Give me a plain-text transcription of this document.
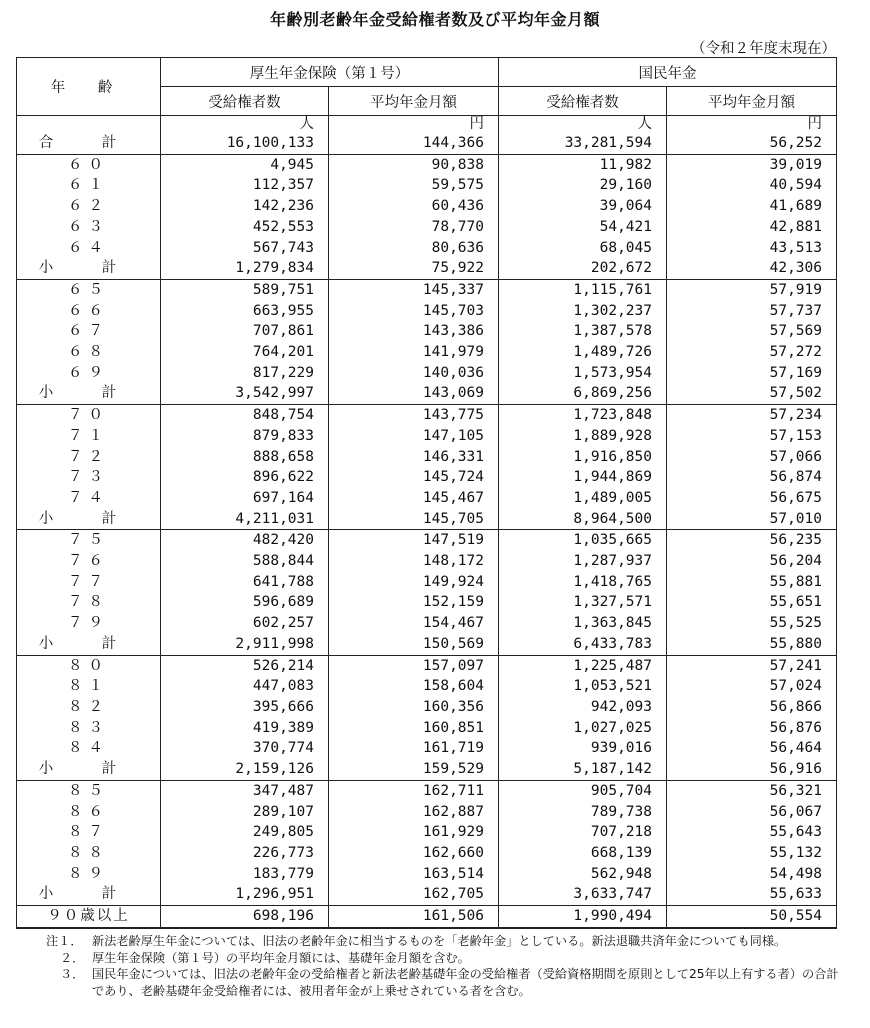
年齢別老齢年金受給権者数及び平均年金月額
（令和２年度末現在）
年 齢	厚生年金保険（第１号）		国民年金	
	受給権者数	平均年金月額	受給権者数	平均年金月額
	人	円	人	円
合 計	16,100,133	144,366	33,281,594	56,252
６０	4,945	90,838	11,982	39,019
６１	112,357	59,575	29,160	40,594
６２	142,236	60,436	39,064	41,689
６３	452,553	78,770	54,421	42,881
６４	567,743	80,636	68,045	43,513
小 計	1,279,834	75,922	202,672	42,306
６５	589,751	145,337	1,115,761	57,919
６６	663,955	145,703	1,302,237	57,737
６７	707,861	143,386	1,387,578	57,569
６８	764,201	141,979	1,489,726	57,272
６９	817,229	140,036	1,573,954	57,169
小 計	3,542,997	143,069	6,869,256	57,502
７０	848,754	143,775	1,723,848	57,234
７１	879,833	147,105	1,889,928	57,153
７２	888,658	146,331	1,916,850	57,066
７３	896,622	145,724	1,944,869	56,874
７４	697,164	145,467	1,489,005	56,675
小 計	4,211,031	145,705	8,964,500	57,010
７５	482,420	147,519	1,035,665	56,235
７６	588,844	148,172	1,287,937	56,204
７７	641,788	149,924	1,418,765	55,881
７８	596,689	152,159	1,327,571	55,651
７９	602,257	154,467	1,363,845	55,525
小 計	2,911,998	150,569	6,433,783	55,880
８０	526,214	157,097	1,225,487	57,241
８１	447,083	158,604	1,053,521	57,024
８２	395,666	160,356	942,093	56,866
８３	419,389	160,851	1,027,025	56,876
８４	370,774	161,719	939,016	56,464
小 計	2,159,126	159,529	5,187,142	56,916
８５	347,487	162,711	905,704	56,321
８６	289,107	162,887	789,738	56,067
８７	249,805	161,929	707,218	55,643
８８	226,773	162,660	668,139	55,132
８９	183,779	163,514	562,948	54,498
小 計	1,296,951	162,705	3,633,747	55,633
９０歳以上	698,196	161,506	1,990,494	50,554
注１． 新法老齢厚生年金については、旧法の老齢年金に相当するものを「老齢年金」としている。新法退職共済年金についても同様。
２． 厚生年金保険（第１号）の平均年金月額には、基礎年金月額を含む。
３． 国民年金については、旧法の老齢年金の受給権者と新法老齢基礎年金の受給権者（受給資格期間を原則として25年以上有する者）の合計であり、老齢基礎年金受給権者には、被用者年金が上乗せされている者を含む。
